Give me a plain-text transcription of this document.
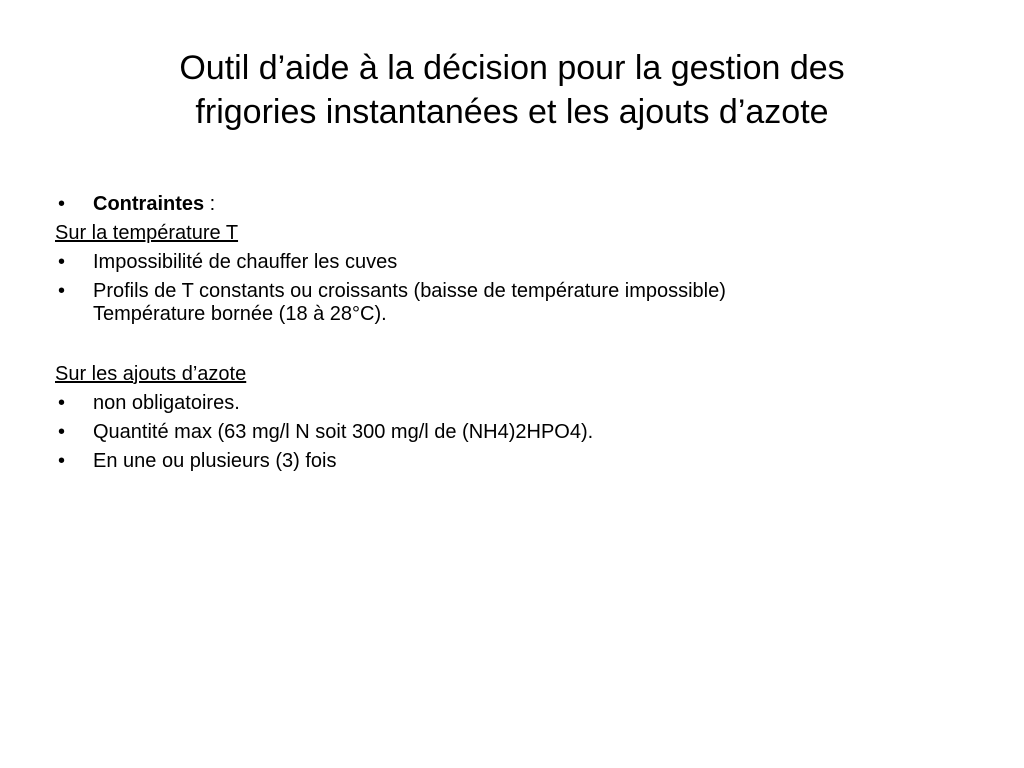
Outil d’aide à la décision pour la gestion des
frigories instantanées et les ajouts d’azote
•	Contraintes :
Sur la température T
•	Impossibilité de chauffer les cuves
•	Profils de T constants ou croissants (baisse de température impossible)
Température bornée (18 à 28°C).
Sur les ajouts d’azote
•	non obligatoires.
•	Quantité max (63 mg/l N soit 300 mg/l de (NH4)2HPO4).
•	En une ou plusieurs (3) fois
